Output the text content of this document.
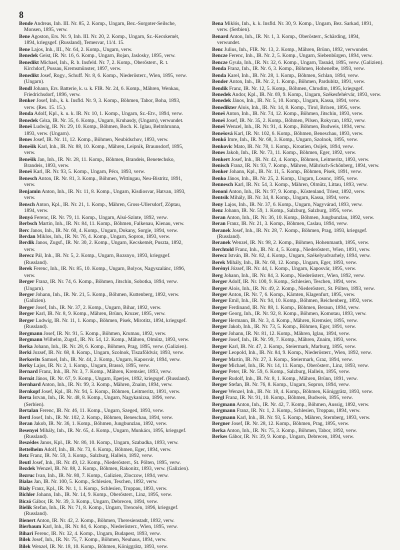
8

Bende Andreas, Inh. III. Nr. 85, 2. Komp., Ungarn, Bez.-Sorgoter-Seilsche, Monsen, 1895, verw.

Bene Agoston, Ers. Nr. 9, Inh. III. Nr. 20, 2. Komp., Ungarn, Sz.-Kecskemét, 1894, kriegsgef. (Russland), Temesvar, 11/4. 15.

Bene Lajos, Inh., III., Nr. 64, 2. Komp., Ungarn, verw.

Benedek Geist, IR. Nr. 16, 6. Komp., Ungarn, Bojan, Jaslosky, 1895, verw.

Benedikt Michael, Inh., R. b. Insfeld. Nr. 7, 2. Komp., Oberösterr., R. t. Kirchdorf, Pussau, Kremsmünster, 1897, verw.

Benedikt Josef, Rogy., Schuff. Nr. 8, 6. Komp., Niederösterr., Wien, 1895, verw. (Ungarn).

Bendl Johann, Ers. Batterie, k. u. k. FIR. Nr. 24, 6. Komp., Mähren, Wenkau, Friedrichsdorf, 1896, verw.

Benker Josef, Inh., k. k. Insfld. Nr. 9, 3. Komp., Böhmen, Tabor, Boha, 1893, verw. (Res. 15. 15.).

Benda Adolf, Kpl., k. u. k. IR. Nr. 10, 1. Komp., Ungarn, Sz.-Etv., 1894, verw.

Benedek Géza, IR. Nr. 35, 6. Komp., Ungarn, Kruhasdy, (Ungarn), verwundet.

Beneš Ludwig, IR. Nr. 29, 10. Komp., Böhmen, Boch. K. Iglau, Belmhrunna, 1893, verw. (Ungarn).

Benes Josef, IR. Nr. 11, 12. Komp., Böhmen, Neubidschov, 1893, verw.

Benešik Karl, Inh., IR. Nr. 88, 10. Komp., Mähren, Leipnik, Braunsdorf, 1895, verw.

Benešik Jan, Inh., IR. Nr. 28, 11. Komp., Böhmen, Brandeis, Benetechsko, Brandeis, 1893, verw.

Beneš Karl, IR. Nr. 93, 5. Komp., Ungarn, Pécs, 1893, verw.

Benesch Anton, IR. Nr. 81, 3. Komp., Böhmen, Wittingau, Neu-Bistritz, 1891, verw.

Benjamin Anton, Inh., IR. Nr. 11, 8. Komp., Ungarn, Kisdiosvar, Hatvan, 1893, verw.

Bensch Anton, Kpl., IR. Nr. 21, 1. Komp., Mähren, Gross-Ullersdorf, Zöptau, 1894, verw.

Benyó Ferenc, IR. Nr. 79, 11. Komp., Ungarn, Alsó-Szinte, 1892, verw.

Berbsch Martin, Inh., IR. Nr. 84, 11. Komp., Böhmen, Falkenau, Kienau, verw.

Berc Janos, Inh., IR. Nr. 60, 4. Komp., Ungarn, Dokany, Sorgie, 1894, verw.

Berdan Miklos, Inh., IR. Nr. 76, 4. Komp., Ungarn, Sopron, 1893, verw.

Berdik Janos, Zugsf., IR. Nr. 30, 2. Komp., Ungarn, Kecskemét, Puszta, 1892, verw.

Berecz Pál, Inh., IR. Nr. 5, 2. Komp., Ungarn, Rozsnyo, 1893, kriegsgef. (Russland).

Berek Ferenc, Inh., IR. Nr. 85, 10. Komp., Ungarn, Bolyos, Nagyszalánc, 1896, verw.

Berger Franz, IR. Nr. 74, 6. Komp., Böhmen, Jitschin, Sobotka, 1894, verw. (Ungarn).

Berger Johann, Inh., IR. Nr. 21, 5. Komp., Böhmen, Kuttenberg, 1892, verw. (Galizien).

Berger Josef, Inh., IR. Nr. 37, 2. Komp., Ungarn, Bihar, 1892, verw.

Berger Karl, IR. Nr. 8, 9. Komp., Mähren, Brünn, Kruzer, 1895, verw.

Berger Ludwig, IR. Nr. 11, 1. Komp., Böhmen, Pisek, Mirotitz, 1894, kriegsgef. (Russland).

Bergmann Josef, IR. Nr. 91, 5. Komp., Böhmen, Krumau, 1892, verw.

Bergmann Wilhelm, Zugsf., IR. Nr. 54, 12. Komp., Mähren, Olmütz, 1893, verw.

Berka Johann, Inh., IR. Nr. 28, 6. Komp., Böhmen, Prag, 1895, verw. (Galizien).

Berki Jozsef, IR. Nr. 68, 8. Komp., Ungarn, Szolnok, Tiszaföldvár, 1893, verw.

Berkovits Samuel, Inh., IR. Nr. 44, 2. Komp., Ungarn, Kaposvár, 1894, verw.

Berky Lajos, IR. Nr. 2, 1. Komp., Ungarn, Brassó, 1895, verw.

Bernard Franz, Inh., IR. Nr. 3, 7. Komp., Mähren, Kremsier, 1893, verw.

Bernát János, IR. Nr. 67, 9. Komp., Ungarn, Eperjes, 1892, kriegsgef. (Russland).

Bernhard Anton, Inh., IR. Nr. 99, 3. Komp., Mähren, Znaim, 1894, verw.

Bernkopf Josef, Kpl., IR. Nr. 94, 5. Komp., Böhmen, Leitmeritz, 1891, verw.

Berta Istvan, Inh., IR. Nr. 48, 8. Komp., Ungarn, Nagykanizsa, 1896, verw. (Serbien).

Bertalan Ferenc, IR. Nr. 46, 11. Komp., Ungarn, Szeged, 1893, verw.

Bertl Josef, Inh., IR. Nr. 102, 2. Komp., Böhmen, Beneschau, 1894, verw.

Beran Jakob, IR. Nr. 36, 1. Komp., Böhmen, Jungbunzlau, 1892, verw.

Besenyei Mihály, Inh., IR. Nr. 65, 4. Komp., Ungarn, Munkács, 1895, kriegsgef. (Russland).

Beszédes Janos, Kpl., IR. Nr. 86, 10. Komp., Ungarn, Szabadka, 1893, verw.

Bettelheim Adolf, Inh., IR. Nr. 73, 6. Komp., Böhmen, Eger, 1894, verw.

Betz Franz, IR. Nr. 59, 3. Komp., Salzburg, Hallein, 1892, verw.

Beutl Josef, Inh., IR. Nr. 49, 12. Komp., Niederösterr., St. Pölten, 1895, verw.

Bezdek Wenzel, IR. Nr. 88, 2. Komp., Böhmen, Rakonitz, 1893, verw. (Galizien).

Bezruc Ivan, Inh., IR. Nr. 80, 7. Komp., Galizien, Zloczow, 1894, verw.

Bialas Jan, IR. Nr. 100, 5. Komp., Schlesien, Teschen, 1892, verw.

Bialy Franz, Kpl., IR. Nr. 1, 1. Komp., Schlesien, Troppau, 1893, verw.

Bichler Johann, Inh., IR. Nr. 14, 9. Komp., Oberösterr., Linz, 1895, verw.

Biczó Gábor, IR. Nr. 39, 3. Komp., Ungarn, Debrecen, 1894, verw.

Bielik Stefan, Inh., IR. Nr. 71, 8. Komp., Ungarn, Trencsén, 1896, kriegsgef. (Russland).

Bienert Anton, IR. Nr. 42, 2. Komp., Böhmen, Theresienstadt, 1892, verw.

Bierbaum Karl, Inh., IR. Nr. 84, 6. Komp., Niederösterr., Wien, 1895, verw.

Bihari Ferenc, IR. Nr. 32, 4. Komp., Ungarn, Budapest, 1893, verw.

Bilek Josef, Inh., IR. Nr. 75, 7. Komp., Böhmen, Neuhaus, 1894, verw.

Bilek Wenzel, IR. Nr. 18, 10. Komp., Böhmen, Königgrätz, 1893, verw.

Bena Miklós, Inh., k. k. Insfld. Nr. 30, 9. Komp., Ungarn, Bez. Sarkad, 1891, verw. (Serbien).

Benard Anton, Inh., IR. Nr. 1, 3. Komp., Oberösterr., Schärding, 1894, verwundet.

Benc Julius, Inh., FIR. Nr. 13, 2. Komp., Mähren, Brünn, 1892, verwundet.

Bencze Ferenc, Inh., IR. Nr. 2, 5. Komp., Ungarn, Siebenbürgen, 1894, verw.

Bencze Gyula, Inh., IR. Nr. 32, 6. Komp., Ungarn, Tasnád, 1895, verw. (Galizien).

Benda Franz, Inh., IR. Nr. 6, 3. Komp., Böhmen, Hohenelbe, 1893, verw.

Benda Karel, Inh., IR. Nr. 28, 1. Komp., Böhmen, Schlan, 1894, verw.

Bender Anton, Inh., IR. Nr. 2, 1. Komp., Böhmen, Pardubitz, 1891, verw.

Bendik Franz, IR. Nr. 12, 5. Komp., Böhmen, Chrudim, 1895, kriegsgef.

Benedek Andor, Kpl., IR. Nr. 69, 9. Komp., Ungarn, Székesfehérvár, 1893, verw.

Benedek János, Inh., IR. Nr. 5, 10. Komp., Ungarn, Kassa, 1894, verw.

Benedikter Alois, Inh., IR. Nr. 14, 8. Komp., Tirol, Brixen, 1895, verw.

Beneš Anton, Inh., IR. Nr. 74, 12. Komp., Böhmen, Jitschin, 1893, verw.

Beneš Josef, IR. Nr. 35, 2. Komp., Böhmen, Pilsen, Rokycan, 1892, verw.

Beneš Wenzel, Inh., IR. Nr. 91, 4. Komp., Böhmen, Budweis, 1894, verw.

Benešová Karl, IR. Nr. 102, 6. Komp., Böhmen, Beneschau, 1893, verw.

Benkö Imre, Inh., IR. Nr. 68, 3. Komp., Ungarn, Szolnok, 1895, verw.

Benkovic Mato, IR. Nr. 78, 1. Komp., Kroatien, Osijek, 1894, verw.

Benes Jakob, Inh., IR. Nr. 73, 11. Komp., Böhmen, Eger, 1892, verw.

Benkert Josef, Inh., IR. Nr. 42, 4. Komp., Böhmen, Leitmeritz, 1893, verw.

Benisch Franz, IR. Nr. 93, 7. Komp., Mähren, Mährisch-Schönberg, 1894, verw.

Benker Johann, Kpl., IR. Nr. 11, 5. Komp., Böhmen, Pisek, 1891, verw.

Benko János, Inh., IR. Nr. 25, 2. Komp., Ungarn, Losonc, 1895, verw.

Bennesch Karl, IR. Nr. 54, 3. Komp., Mähren, Olmütz, Littau, 1893, verw.

Benoni Anton, Inh., IR. Nr. 97, 9. Komp., Küstenland, Triest, 1892, verw.

Bentsik Mihály, IR. Nr. 34, 8. Komp., Ungarn, Kassa, 1894, verw.

Beny Lajos, Inh., IR. Nr. 37, 6. Komp., Ungarn, Nagyvárad, 1893, verw.

Benz Johann, IR. Nr. 59, 1. Komp., Salzburg, Salzburg, 1895, verw.

Beran Anton, Inh., IR. Nr. 36, 10. Komp., Böhmen, Jungbunzlau, 1892, verw.

Beran Franz, IR. Nr. 21, 3. Komp., Böhmen, Caslau, 1894, verw.

Beranek Josef, Inh., IR. Nr. 28, 7. Komp., Böhmen, Prag, 1893, kriegsgef. (Russland).

Beranek Wenzel, IR. Nr. 98, 2. Komp., Böhmen, Hohenmauth, 1895, verw.

Berchtold Franz, Inh., IR. Nr. 4, 5. Komp., Niederösterr., Wien, 1891, verw.

Berecz István, IR. Nr. 82, 4. Komp., Ungarn, Székelyudvarhely, 1894, verw.

Berek Mihály, Inh., IR. Nr. 60, 12. Komp., Ungarn, Eger, 1893, verw.

Berényi József, IR. Nr. 44, 1. Komp., Ungarn, Kaposvár, 1895, verw.

Berg Johann, Inh., IR. Nr. 84, 3. Komp., Niederösterr., Wien, 1892, verw.

Berger Adolf, IR. Nr. 100, 9. Komp., Schlesien, Teschen, 1894, verw.

Berger Alois, Inh., IR. Nr. 49, 2. Komp., Niederösterr., St. Pölten, 1893, verw.

Berger Anton, IR. Nr. 7, 6. Komp., Kärnten, Klagenfurt, 1895, verw.

Berger Emil, Inh., IR. Nr. 94, 10. Komp., Böhmen, Reichenberg, 1892, verw.

Berger Ferdinand, IR. Nr. 88, 1. Komp., Böhmen, Beraun, 1894, verw.

Berger Georg, Inh., IR. Nr. 92, 8. Komp., Böhmen, Komotau, 1893, verw.

Berger Hermann, IR. Nr. 3, 4. Komp., Mähren, Kremsier, 1895, verw.

Berger Jakob, Inh., IR. Nr. 73, 5. Komp., Böhmen, Eger, 1891, verw.

Berger Johann, IR. Nr. 81, 12. Komp., Mähren, Iglau, 1894, verw.

Berger Josef, Inh., IR. Nr. 99, 7. Komp., Mähren, Znaim, 1893, verw.

Berger Karl, IR. Nr. 47, 2. Komp., Steiermark, Marburg, 1895, verw.

Berger Leopold, Inh., IR. Nr. 84, 9. Komp., Niederösterr., Wien, 1892, verw.

Berger Martin, IR. Nr. 27, 3. Komp., Steiermark, Graz, 1894, verw.

Berger Michael, Inh., IR. Nr. 14, 11. Komp., Oberösterr., Linz, 1893, verw.

Berger Peter, IR. Nr. 59, 6. Komp., Salzburg, Hallein, 1895, verw.

Berger Rudolf, Inh., IR. Nr. 8, 1. Komp., Mähren, Brünn, 1891, verw.

Berger Stefan, IR. Nr. 76, 8. Komp., Ungarn, Sopron, 1894, verw.

Berger Wenzel, Inh., IR. Nr. 18, 4. Komp., Böhmen, Königgrätz, 1893, verw.

Bergl Franz, IR. Nr. 91, 10. Komp., Böhmen, Budweis, 1895, verw.

Bergmann Anton, Inh., IR. Nr. 42, 7. Komp., Böhmen, Aussig, 1892, verw.

Bergmann Franz, IR. Nr. 1, 2. Komp., Schlesien, Troppau, 1894, verw.

Bergmann Karl, Inh., IR. Nr. 93, 5. Komp., Mähren, Sternberg, 1893, verw.

Bergner Josef, IR. Nr. 28, 12. Komp., Böhmen, Prag, 1895, verw.

Berka Anton, Inh., IR. Nr. 75, 3. Komp., Böhmen, Tabor, 1892, verw.

Berkes Gábor, IR. Nr. 39, 9. Komp., Ungarn, Debrecen, 1894, verw.
